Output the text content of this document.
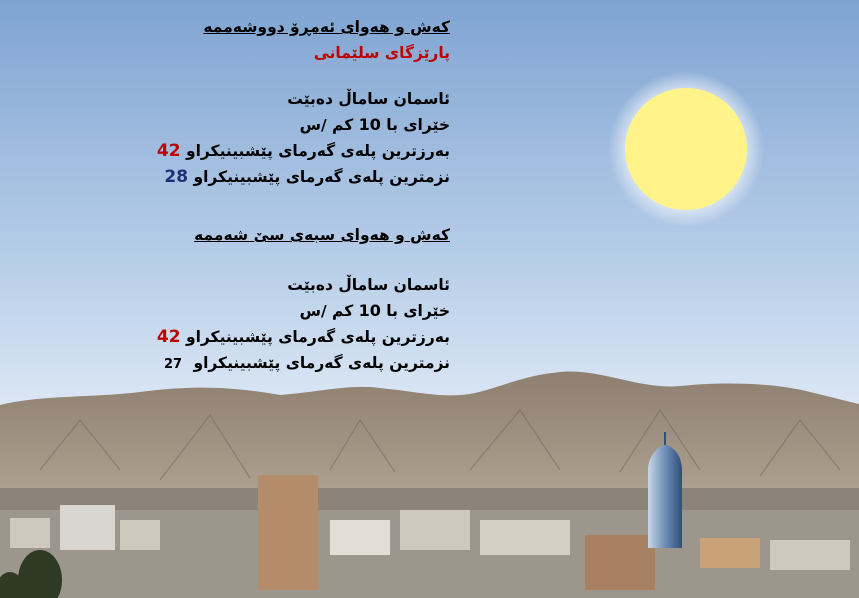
کەش و هەوای ئەمڕۆ دووشەممە
پارێزگای سلێمانی
ئاسمان ساماڵ دەبێت
خێرای با 10 کم /س
بەرزترین پلەی گەرمای پێشبینیکراو 42
نزمترین پلەی گەرمای پێشبینیکراو 28
کەش و هەوای سبەی سێ شەممە
ئاسمان ساماڵ دەبێت
خێرای با 10 کم /س
بەرزترین پلەی گەرمای پێشبینیکراو 42
نزمترین پلەی گەرمای پێشبینیکراو 27
